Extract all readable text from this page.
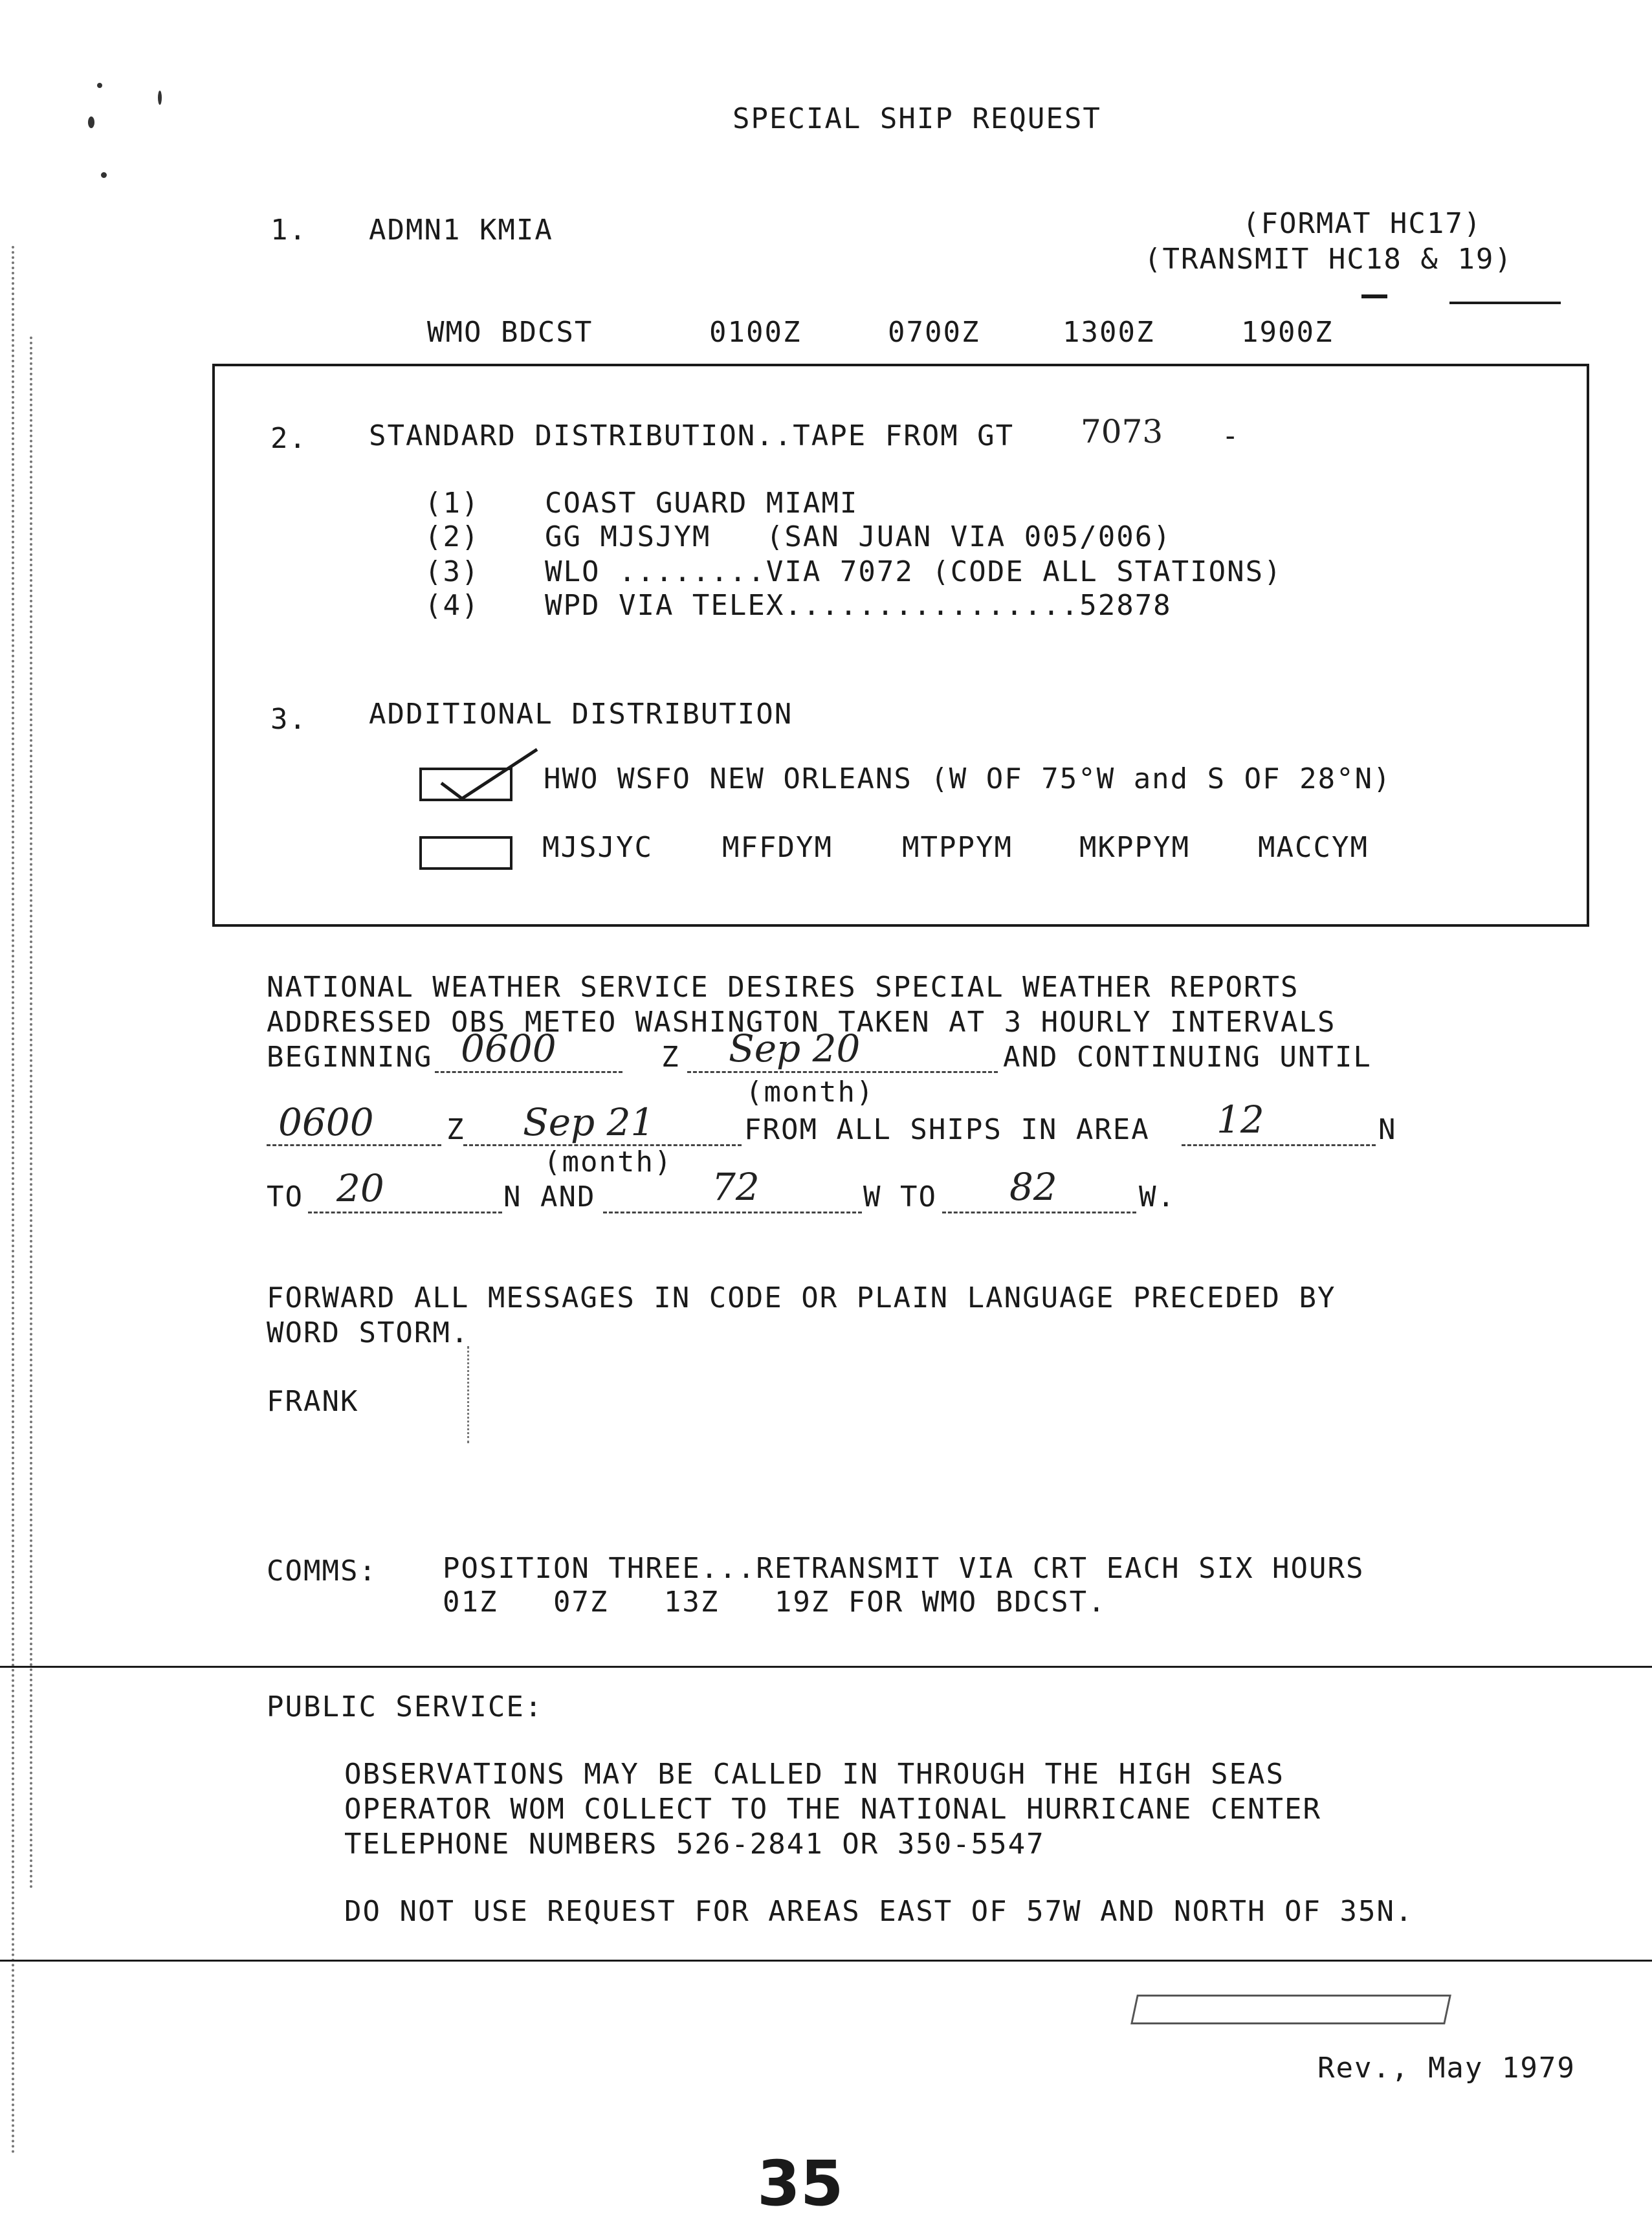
SPECIAL SHIP REQUEST
1. ADMN1 KMIA	(FORMAT HC17)
(TRANSMIT HC18 & 19)
WMO BDCST	0100Z	0700Z	1300Z	1900Z
2. STANDARD DISTRIBUTION..TAPE FROM GT 7073 -
(1) COAST GUARD MIAMI
(2) GG MJSJYM   (SAN JUAN VIA 005/006)
(3) WLO ........VIA 7072 (CODE ALL STATIONS)
(4) WPD VIA TELEX................52878
3. ADDITIONAL DISTRIBUTION
HWO WSFO NEW ORLEANS (W OF 75°W and S OF 28°N)
MJSJYC MFFDYM MTPPYM MKPPYM MACCYM
NATIONAL WEATHER SERVICE DESIRES SPECIAL WEATHER REPORTS
ADDRESSED OBS METEO WASHINGTON TAKEN AT 3 HOURLY INTERVALS
BEGINNING 0600	Z Sep 20	AND CONTINUING UNTIL
(month)
0600	Z Sep 21	FROM ALL SHIPS IN AREA 12	N
(month)
TO 20	N AND	72	W TO 82	W.
FORWARD ALL MESSAGES IN CODE OR PLAIN LANGUAGE PRECEDED BY
WORD STORM.
FRANK
COMMS: POSITION THREE...RETRANSMIT VIA CRT EACH SIX HOURS
01Z   07Z   13Z   19Z FOR WMO BDCST.
PUBLIC SERVICE:
OBSERVATIONS MAY BE CALLED IN THROUGH THE HIGH SEAS
OPERATOR WOM COLLECT TO THE NATIONAL HURRICANE CENTER
TELEPHONE NUMBERS 526-2841 OR 350-5547
DO NOT USE REQUEST FOR AREAS EAST OF 57W AND NORTH OF 35N.
Rev., May 1979
35
